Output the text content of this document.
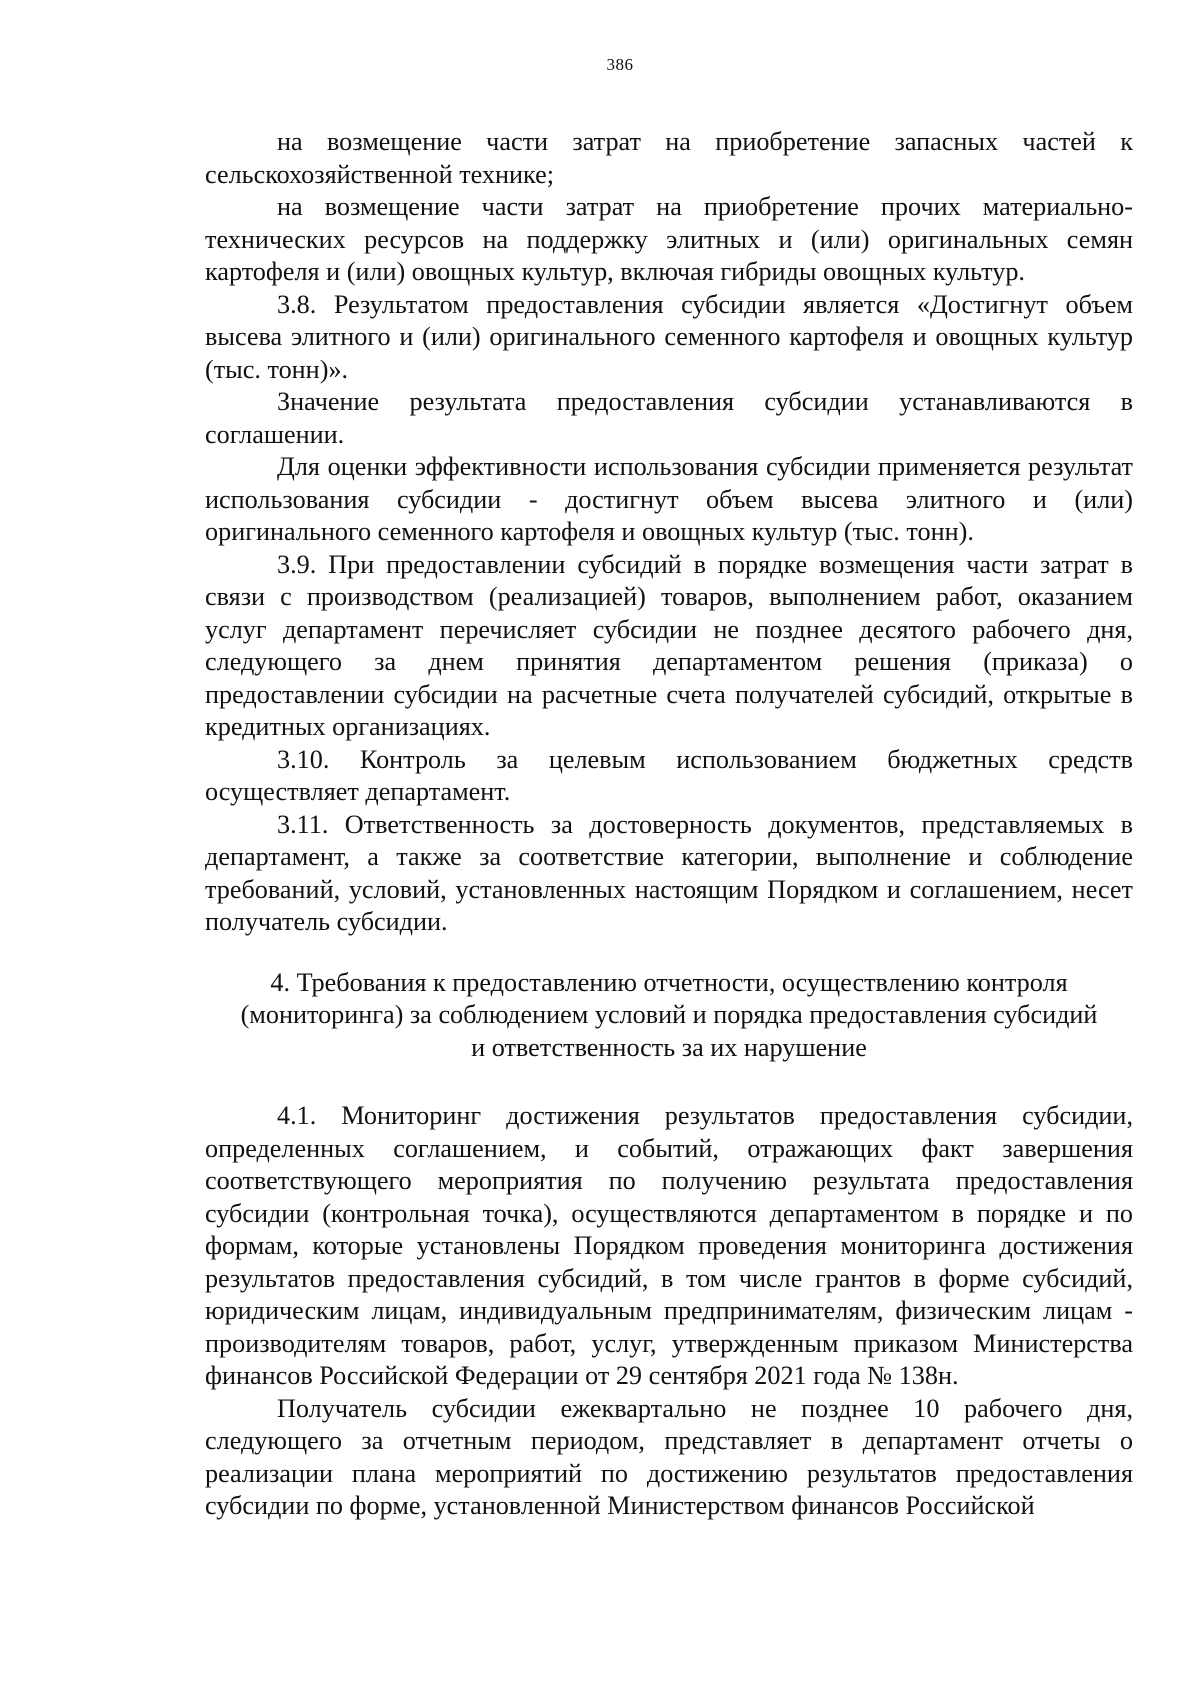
386

на возмещение части затрат на приобретение запасных частей к сельскохозяйственной технике;

на возмещение части затрат на приобретение прочих материально-технических ресурсов на поддержку элитных и (или) оригинальных семян картофеля и (или) овощных культур, включая гибриды овощных культур.

3.8. Результатом предоставления субсидии является «Достигнут объем высева элитного и (или) оригинального семенного картофеля и овощных культур (тыс. тонн)».

Значение результата предоставления субсидии устанавливаются в соглашении.

Для оценки эффективности использования субсидии применяется результат использования субсидии - достигнут объем высева элитного и (или) оригинального семенного картофеля и овощных культур (тыс. тонн).

3.9. При предоставлении субсидий в порядке возмещения части затрат в связи с производством (реализацией) товаров, выполнением работ, оказанием услуг департамент перечисляет субсидии не позднее десятого рабочего дня, следующего за днем принятия департаментом решения (приказа) о предоставлении субсидии на расчетные счета получателей субсидий, открытые в кредитных организациях.

3.10. Контроль за целевым использованием бюджетных средств осуществляет департамент.

3.11. Ответственность за достоверность документов, представляемых в департамент, а также за соответствие категории, выполнение и соблюдение требований, условий, установленных настоящим Порядком и соглашением, несет получатель субсидии.

4. Требования к предоставлению отчетности, осуществлению контроля
(мониторинга) за соблюдением условий и порядка предоставления субсидий
и ответственность за их нарушение

4.1. Мониторинг достижения результатов предоставления субсидии, определенных соглашением, и событий, отражающих факт завершения соответствующего мероприятия по получению результата предоставления субсидии (контрольная точка), осуществляются департаментом в порядке и по формам, которые установлены Порядком проведения мониторинга достижения результатов предоставления субсидий, в том числе грантов в форме субсидий, юридическим лицам, индивидуальным предпринимателям, физическим лицам - производителям товаров, работ, услуг, утвержденным приказом Министерства финансов Российской Федерации от 29 сентября 2021 года № 138н.

Получатель субсидии ежеквартально не позднее 10 рабочего дня, следующего за отчетным периодом, представляет в департамент отчеты о реализации плана мероприятий по достижению результатов предоставления субсидии по форме, установленной Министерством финансов Российской
